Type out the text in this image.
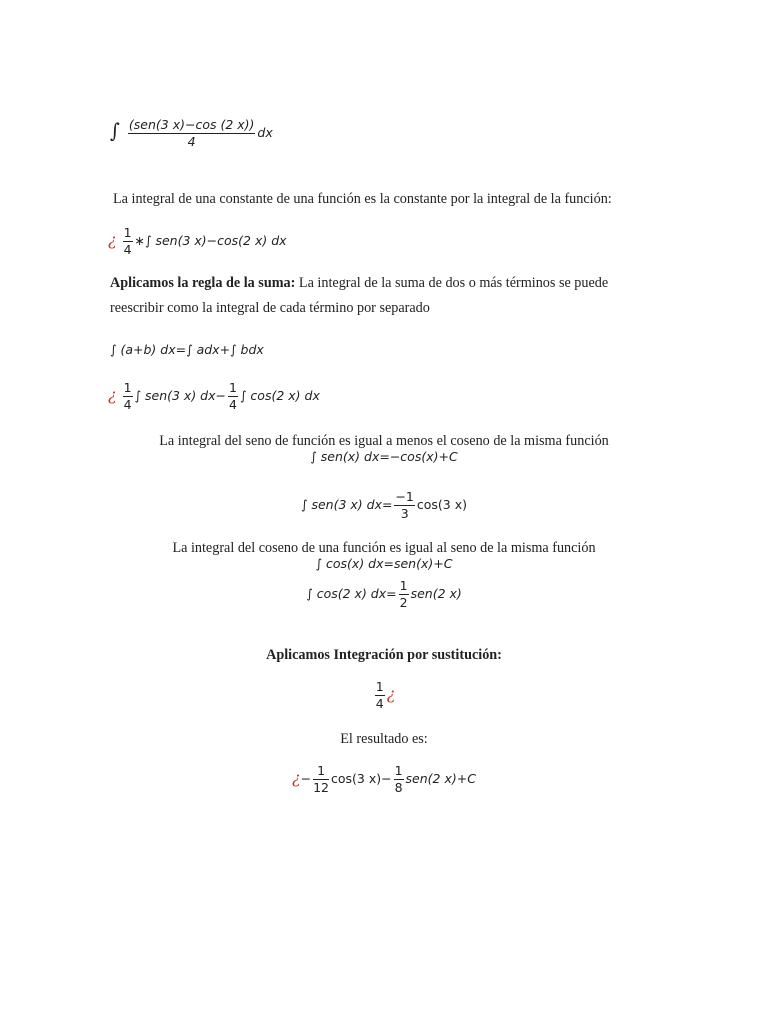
∫ $\frac{\text{(sen(3 x)−cos (2 x))}}{4}$ dx
La integral de una constante de una función es la constante por la integral de la función:
¿ $\frac{1}{4}$ ∗∫ sen(3 x)−cos(2 x) dx
Aplicamos la regla de la suma: La integral de la suma de dos o más términos se puede
reescribir como la integral de cada término por separado
∫ (a+b) dx=∫ adx+∫ bdx
¿ $\frac{1}{4}$ ∫ sen(3 x) $dx- \frac{1}{4}$ ∫ cos(2 x) dx
La integral del seno de función es igual a menos el coseno de la misma función
∫ sen(x) dx=−cos(x)+C
∫ sen(3 x) $dx= \frac{-1}{3} \cos(3$ x)
La integral del coseno de una función es igual al seno de la misma función
∫ cos(x) dx=sen(x)+C
∫ cos(2 x) $dx= \frac{1}{2} sen(2$ x)
Aplicamos Integración por sustitución:
$\frac{1}{4}$ ¿
El resultado es:
¿− $\frac{1}{12} \cos(3$ $x)- \frac{1}{8} sen(2$ x)+C
